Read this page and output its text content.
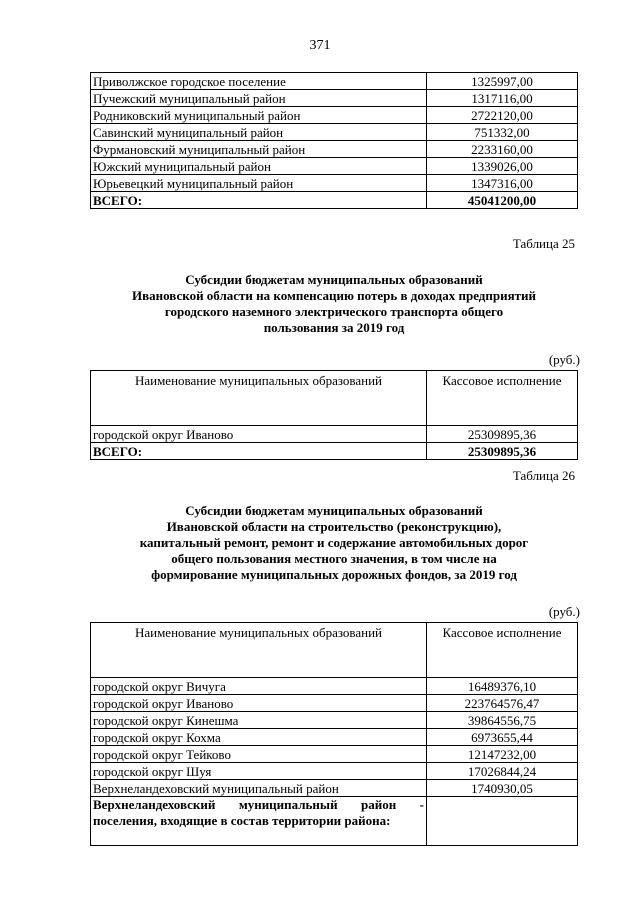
371
Приволжское городское поселение	1325997,00
Пучежский муниципальный район	1317116,00
Родниковский муниципальный район	2722120,00
Савинский муниципальный район	751332,00
Фурмановский муниципальный район	2233160,00
Южский муниципальный район	1339026,00
Юрьевецкий муниципальный район	1347316,00
ВСЕГО:	45041200,00
Таблица 25
Субсидии бюджетам муниципальных образований
Ивановской области на компенсацию потерь в доходах предприятий
городского наземного электрического транспорта общего
пользования за 2019 год
(руб.)
Наименование муниципальных образований	Кассовое исполнение
городской округ Иваново	25309895,36
ВСЕГО:	25309895,36
Таблица 26
Субсидии бюджетам муниципальных образований
Ивановской области на строительство (реконструкцию),
капитальный ремонт, ремонт и содержание автомобильных дорог
общего пользования местного значения, в том числе на
формирование муниципальных дорожных фондов, за 2019 год
(руб.)
Наименование муниципальных образований	Кассовое исполнение
городской округ Вичуга	16489376,10
городской округ Иваново	223764576,47
городской округ Кинешма	39864556,75
городской округ Кохма	6973655,44
городской округ Тейково	12147232,00
городской округ Шуя	17026844,24
Верхнеландеховский муниципальный район	1740930,05
Верхнеландеховский муниципальный район - поселения, входящие в состав территории района:	
